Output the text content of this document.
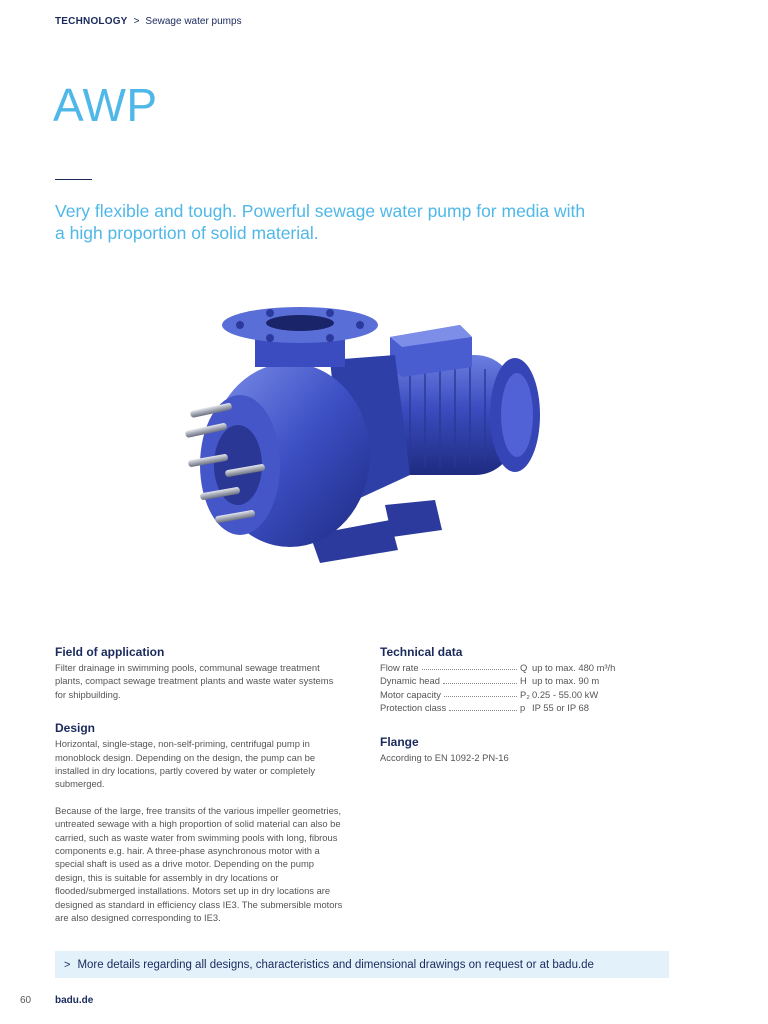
TECHNOLOGY > Sewage water pumps
AWP

Very flexible and tough. Powerful sewage water pump for media with a high proportion of solid material.

Field of application

Filter drainage in swimming pools, communal sewage treatment plants, compact sewage treatment plants and waste water systems for shipbuilding.

Design

Horizontal, single-stage, non-self-priming, centrifugal pump in monoblock design. Depending on the design, the pump can be installed in dry locations, partly covered by water or completely submerged.

Because of the large, free transits of the various impeller geometries, untreated sewage with a high proportion of solid material can also be carried, such as waste water from swimming pools with long, fibrous components e.g. hair. A three-phase asynchronous motor with a special shaft is used as a drive motor. Depending on the pump design, this is suitable for assembly in dry locations or flooded/submerged installations. Motors set up in dry locations are designed as standard in efficiency class IE3. The submersible motors are also designed corresponding to IE3.

Technical data
Flow rate	Q up to max. 480 m³/h
Dynamic head	H up to max. 90 m
Motor capacity	P₂ 0.25 - 55.00 kW
Protection class	p IP 55 or IP 68
Flange

According to EN 1092-2 PN-16

> More details regarding all designs, characteristics and dimensional drawings on request or at badu.de
60 badu.de
